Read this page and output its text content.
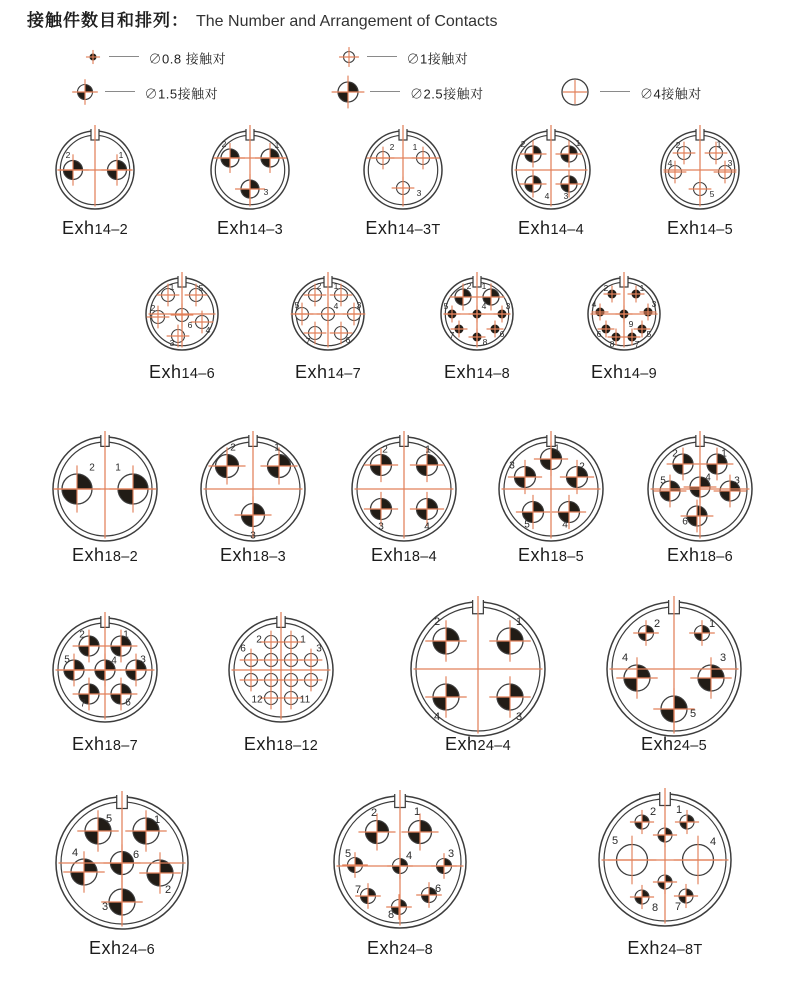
接触件数目和排列： The Number and Arrangement of Contacts
∅0.8 接触对	∅1接触对
∅1.5接触对	∅2.5接触对	∅4接触对
2	1
Exh14–2
2	1
3
Exh14–3
2 1
3
Exh14–3T
2	1
4 3
Exh14–4
2	1
4	3
5
Exh14–5
1	5
2
6 4
3
Exh14–6
2 1
5	4 3
7	6
Exh14–7
2 1
5	4 3
7	6
8
Exh14–8
2	1
4	3
9
6	5
8 7
Exh14–9
2 1
Exh18–2
2	1
3
Exh18–3
2	1
3	4
Exh18–4
1
2
3
5	4
Exh18–5
2	1
5	4 3
6
Exh18–6
2	1
5	4 3
7	6
Exh18–7
2	1
6	3
12	11
Exh18–12
2	1
4	3
Exh24–4
2	1
4	3
5
Exh24–5
5	1
4
2
3
6
Exh24–6
2	1
5	4	3
7	6
8
Exh24–8
2 1
5	4
8 7
Exh24–8T
